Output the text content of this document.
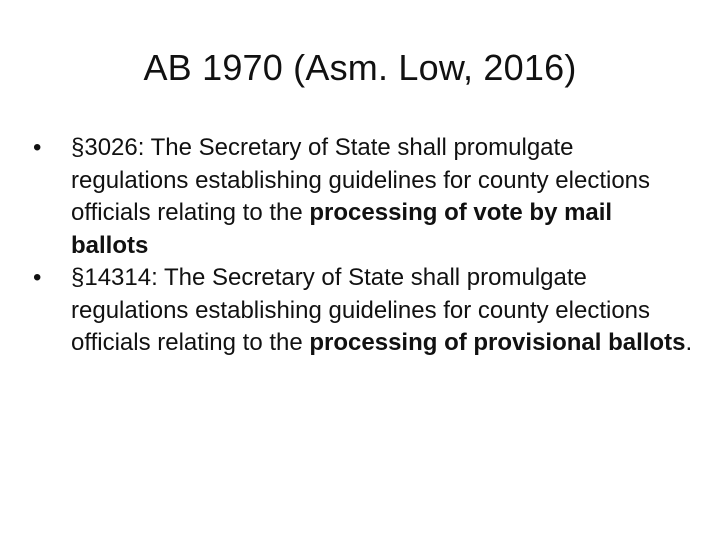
AB 1970 (Asm. Low, 2016)
•	§3026: The Secretary of State shall promulgate regulations establishing guidelines for county elections officials relating to the processing of vote by mail ballots
•	§14314: The Secretary of State shall promulgate regulations establishing guidelines for county elections officials relating to the processing of provisional ballots.
